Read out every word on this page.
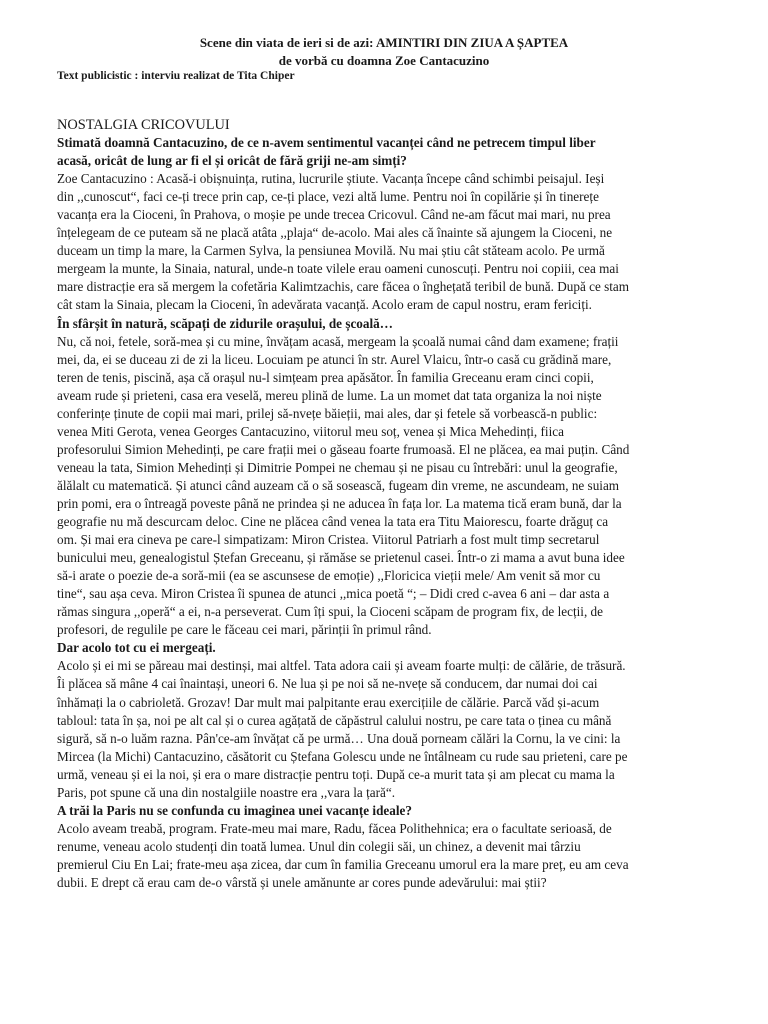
Scene din viata de ieri si de azi: AMINTIRI DIN ZIUA A ȘAPTEA
de vorbă cu doamna Zoe Cantacuzino
Text publicistic : interviu realizat de Tita Chiper
NOSTALGIA CRICOVULUI
Stimată doamnă Cantacuzino, de ce n-avem sentimentul vacanței când ne petrecem timpul liber
acasă, oricât de lung ar fi el și oricât de fără griji ne-am simți?
Zoe Cantacuzino : Acasă-i obișnuința, rutina, lucrurile știute. Vacanța începe când schimbi peisajul. Ieși
din ,,cunoscut“, faci ce-ți trece prin cap, ce-ți place, vezi altă lume. Pentru noi în copilărie și în tinerețe
vacanța era la Cioceni, în Prahova, o moșie pe unde trecea Cricovul. Când ne-am făcut mai mari, nu prea
înțelegeam de ce puteam să ne placă atâta ,,plaja“ de-acolo. Mai ales că înainte să ajungem la Cioceni, ne
duceam un timp la mare, la Carmen Sylva, la pensiunea Movilă. Nu mai știu cât stăteam acolo. Pe urmă
mergeam la munte, la Sinaia, natural, unde-n toate vilele erau oameni cunoscuți. Pentru noi copiii, cea mai
mare distracție era să mergem la cofetăria Kalimtzachis, care făcea o înghețată teribil de bună. După ce stam
cât stam la Sinaia, plecam la Cioceni, în adevărata vacanță. Acolo eram de capul nostru, eram fericiți.
În sfârșit în natură, scăpați de zidurile orașului, de școală…
Nu, că noi, fetele, soră-mea și cu mine, învățam acasă, mergeam la școală numai când dam examene; frații
mei, da, ei se duceau zi de zi la liceu. Locuiam pe atunci în str. Aurel Vlaicu, într-o casă cu grădină mare,
teren de tenis, piscină, așa că orașul nu-l simțeam prea apăsător. În familia Greceanu eram cinci copii,
aveam rude și prieteni, casa era veselă, mereu plină de lume. La un momet dat tata organiza la noi niște
conferințe ținute de copii mai mari, prilej să-nvețe băieții, mai ales, dar și fetele să vorbească-n public:
venea Miti Gerota, venea Georges Cantacuzino, viitorul meu soț, venea și Mica Mehedinți, fiica
profesorului Simion Mehedinți, pe care frații mei o găseau foarte frumoasă. El ne plăcea, ea mai puțin. Când
veneau la tata, Simion Mehedinți și Dimitrie Pompei ne chemau și ne pisau cu întrebări: unul la geografie,
ălălalt cu matematică. Și atunci când auzeam că o să sosească, fugeam din vreme, ne ascundeam, ne suiam
prin pomi, era o întreagă poveste până ne prindea și ne aducea în fața lor. La matema tică eram bună, dar la
geografie nu mă descurcam deloc. Cine ne plăcea când venea la tata era Titu Maiorescu, foarte drăguț ca
om. Și mai era cineva pe care-l simpatizam: Miron Cristea. Viitorul Patriarh a fost mult timp secretarul
bunicului meu, genealogistul Ștefan Greceanu, și rămăse se prietenul casei. Într-o zi mama a avut buna idee
să-i arate o poezie de-a soră-mii (ea se ascunsese de emoție) ,,Floricica vieții mele/ Am venit să mor cu
tine“, sau așa ceva. Miron Cristea îi spunea de atunci ,,mica poetă “; – Didi cred c-avea 6 ani – dar asta a
rămas singura ,,operă“ a ei, n-a perseverat. Cum îți spui, la Cioceni scăpam de program fix, de lecții, de
profesori, de regulile pe care le făceau cei mari, părinții în primul rând.
Dar acolo tot cu ei mergeați.
Acolo și ei mi se păreau mai destinși, mai altfel. Tata adora caii și aveam foarte mulți: de călărie, de trăsură.
Îi plăcea să mâne 4 cai înaintași, uneori 6. Ne lua și pe noi să ne-nvețe să conducem, dar numai doi cai
înhămați la o cabrioletă. Grozav! Dar mult mai palpitante erau exercițiile de călărie. Parcă văd și-acum
tabloul: tata în șa, noi pe alt cal și o curea agățată de căpăstrul calului nostru, pe care tata o ținea cu mână
sigură, să n-o luăm razna. Pân'ce-am învățat că pe urmă… Una două porneam călări la Cornu, la ve cini: la
Mircea (la Michi) Cantacuzino, căsătorit cu Ștefana Golescu unde ne întâlneam cu rude sau prieteni, care pe
urmă, veneau și ei la noi, și era o mare distracție pentru toți. După ce-a murit tata și am plecat cu mama la
Paris, pot spune că una din nostalgiile noastre era ,,vara la țară“.
A trăi la Paris nu se confunda cu imaginea unei vacanțe ideale?
Acolo aveam treabă, program. Frate-meu mai mare, Radu, făcea Polithehnica; era o facultate serioasă, de
renume, veneau acolo studenți din toată lumea. Unul din colegii săi, un chinez, a devenit mai târziu
premierul Ciu En Lai; frate-meu așa zicea, dar cum în familia Greceanu umorul era la mare preț, eu am ceva
dubii. E drept că erau cam de-o vârstă și unele amănunte ar cores punde adevărului: mai știi?
